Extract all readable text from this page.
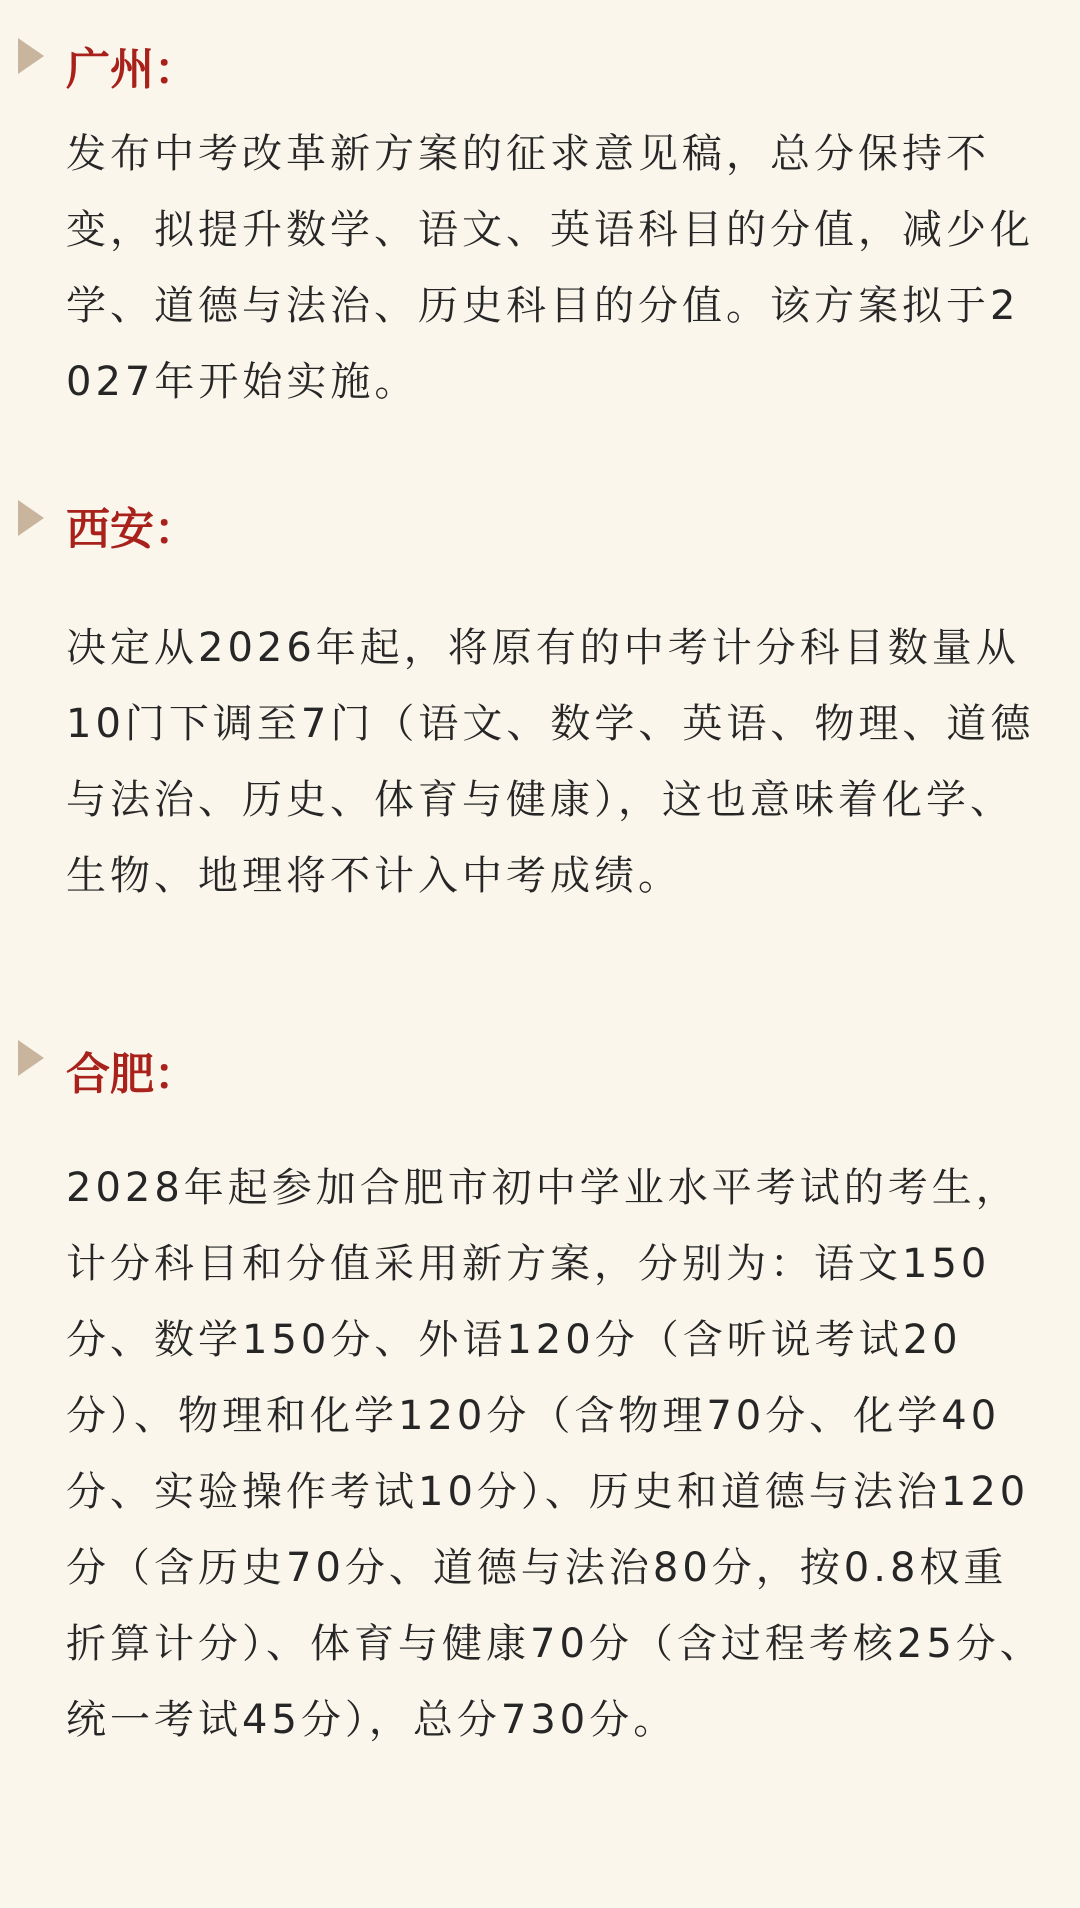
广州：

发布中考改革新方案的征求意见稿，总分保持不变，拟提升数学、语文、英语科目的分值，减少化学、道德与法治、历史科目的分值。该方案拟于2027年开始实施。

西安：

决定从2026年起，将原有的中考计分科目数量从10门下调至7门（语文、数学、英语、物理、道德与法治、历史、体育与健康），这也意味着化学、生物、地理将不计入中考成绩。

合肥：

2028年起参加合肥市初中学业水平考试的考生，计分科目和分值采用新方案，分别为：语文150分、数学150分、外语120分（含听说考试20分）、物理和化学120分（含物理70分、化学40分、实验操作考试10分）、历史和道德与法治120分（含历史70分、道德与法治80分，按0.8权重折算计分）、体育与健康70分（含过程考核25分、统一考试45分），总分730分。
